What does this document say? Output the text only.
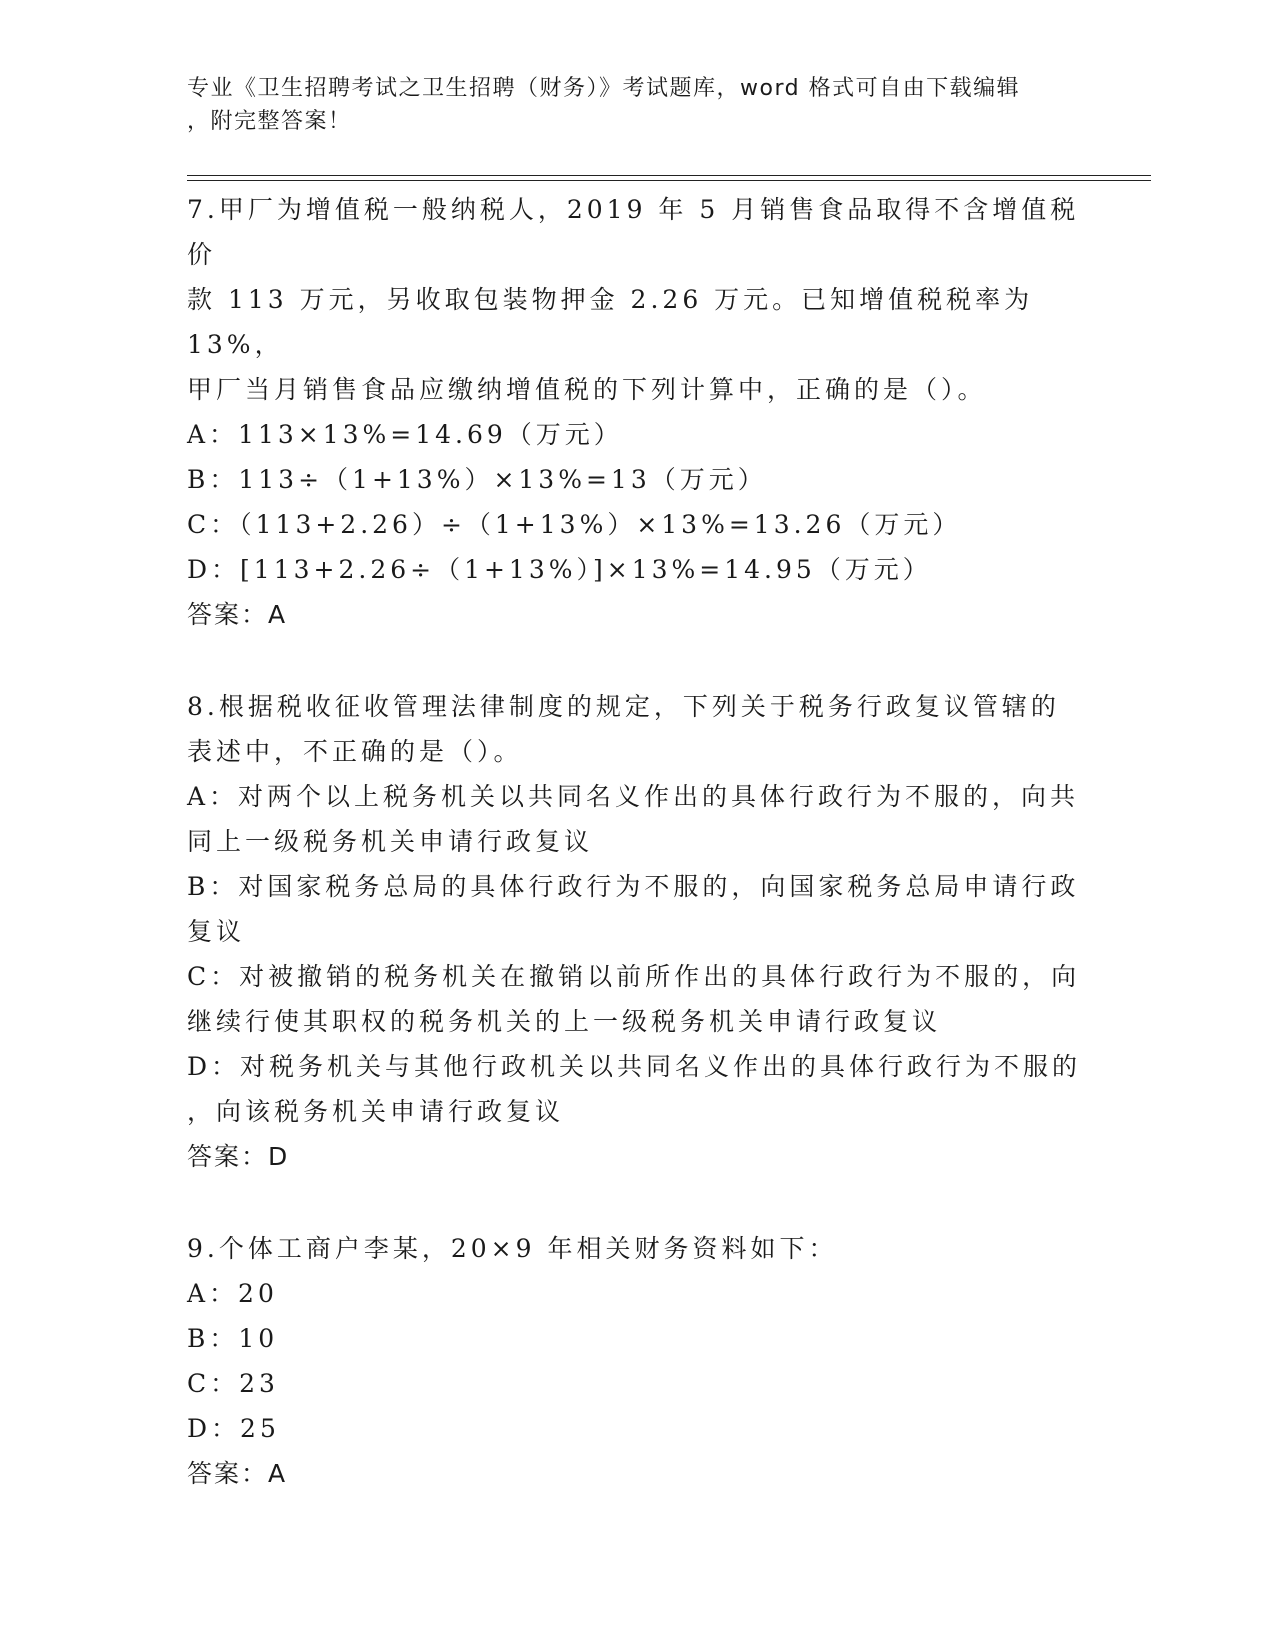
专业《卫生招聘考试之卫生招聘（财务）》考试题库，word 格式可自由下载编辑
，附完整答案！
7.甲厂为增值税一般纳税人，2019 年 5 月销售食品取得不含增值税价
款 113 万元，另收取包装物押金 2.26 万元。已知增值税税率为 13%，
甲厂当月销售食品应缴纳增值税的下列计算中，正确的是（）。
A：113×13%=14.69（万元）
B：113÷（1+13%）×13%=13（万元）
C：（113+2.26）÷（1+13%）×13%=13.26（万元）
D：[113+2.26÷（1+13%）]×13%=14.95（万元）
答案：A
8.根据税收征收管理法律制度的规定，下列关于税务行政复议管辖的
表述中，不正确的是（）。
A：对两个以上税务机关以共同名义作出的具体行政行为不服的，向共
同上一级税务机关申请行政复议
B：对国家税务总局的具体行政行为不服的，向国家税务总局申请行政
复议
C：对被撤销的税务机关在撤销以前所作出的具体行政行为不服的，向
继续行使其职权的税务机关的上一级税务机关申请行政复议
D：对税务机关与其他行政机关以共同名义作出的具体行政行为不服的
，向该税务机关申请行政复议
答案：D
9.个体工商户李某，20×9 年相关财务资料如下：
A：20
B：10
C：23
D：25
答案：A
